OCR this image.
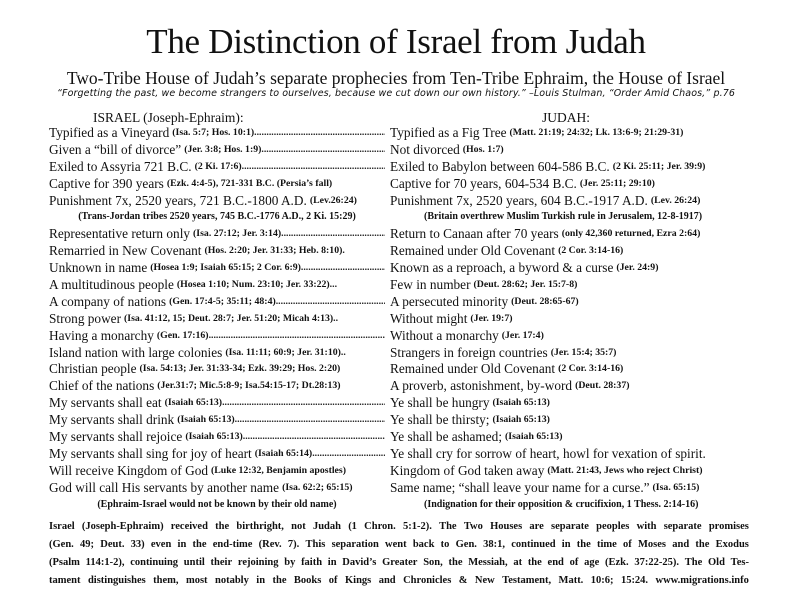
The Distinction of Israel from Judah
Two-Tribe House of Judah’s separate prophecies from Ten-Tribe Ephraim, the House of Israel
“Forgetting the past, we become strangers to ourselves, because we cut down our own history.” –Louis Stulman, “Order Amid Chaos,” p.76
ISRAEL (Joseph-Ephraim):	JUDAH:
Typified as a Vineyard (Isa. 5:7; Hos. 10:1)
.....
Given a “bill of divorce” (Jer. 3:8; Hos. 1:9)
.....
Exiled to Assyria 721 B.C. (2 Ki. 17:6)
.....
Captive for 390 years (Ezk. 4:4-5), 721-331 B.C. (Persia’s fall)
Punishment 7x, 2520 years, 721 B.C.-1800 A.D. (Lev.26:24)
(Trans-Jordan tribes 2520 years, 745 B.C.-1776 A.D., 2 Ki. 15:29)
Representative return only (Isa. 27:12; Jer. 3:14)
.....
Remarried in New Covenant (Hos. 2:20; Jer. 31:33; Heb. 8:10).
Unknown in name (Hosea 1:9; Isaiah 65:15; 2 Cor. 6:9)
.....
A multitudinous people (Hosea 1:10; Num. 23:10; Jer. 33:22)...
A company of nations (Gen. 17:4-5; 35:11; 48:4)
.....
Strong power (Isa. 41:12, 15; Deut. 28:7; Jer. 51:20; Micah 4:13)..
Having a monarchy (Gen. 17:16)
.....
Island nation with large colonies (Isa. 11:11; 60:9; Jer. 31:10)..
Christian people (Isa. 54:13; Jer. 31:33-34; Ezk. 39:29; Hos. 2:20)
Chief of the nations (Jer.31:7; Mic.5:8-9; Isa.54:15-17; Dt.28:13)
My servants shall eat (Isaiah 65:13)
.....
My servants shall drink (Isaiah 65:13)
.....
My servants shall rejoice (Isaiah 65:13)
.....
My servants shall sing for joy of heart (Isaiah 65:14)
.....
Will receive Kingdom of God (Luke 12:32, Benjamin apostles)
God will call His servants by another name (Isa. 62:2; 65:15)
(Ephraim-Israel would not be known by their old name)
Typified as a Fig Tree (Matt. 21:19; 24:32; Lk. 13:6-9; 21:29-31)
Not divorced (Hos. 1:7)
Exiled to Babylon between 604-586 B.C. (2 Ki. 25:11; Jer. 39:9)
Captive for 70 years, 604-534 B.C. (Jer. 25:11; 29:10)
Punishment 7x, 2520 years, 604 B.C.-1917 A.D. (Lev. 26:24)
(Britain overthrew Muslim Turkish rule in Jerusalem, 12-8-1917)
Return to Canaan after 70 years (only 42,360 returned, Ezra 2:64)
Remained under Old Covenant (2 Cor. 3:14-16)
Known as a reproach, a byword & a curse (Jer. 24:9)
Few in number (Deut. 28:62; Jer. 15:7-8)
A persecuted minority (Deut. 28:65-67)
Without might (Jer. 19:7)
Without a monarchy (Jer. 17:4)
Strangers in foreign countries (Jer. 15:4; 35:7)
Remained under Old Covenant (2 Cor. 3:14-16)
A proverb, astonishment, by-word (Deut. 28:37)
Ye shall be hungry (Isaiah 65:13)
Ye shall be thirsty; (Isaiah 65:13)
Ye shall be ashamed; (Isaiah 65:13)
Ye shall cry for sorrow of heart, howl for vexation of spirit.
Kingdom of God taken away (Matt. 21:43, Jews who reject Christ)
Same name; “shall leave your name for a curse.” (Isa. 65:15)
(Indignation for their opposition & crucifixion, 1 Thess. 2:14-16)
Israel (Joseph-Ephraim) received the birthright, not Judah (1 Chron. 5:1-2). The Two Houses are separate peoples with separate promises
(Gen. 49; Deut. 33) even in the end-time (Rev. 7). This separation went back to Gen. 38:1, continued in the time of Moses and the Exodus
(Psalm 114:1-2), continuing until their rejoining by faith in David’s Greater Son, the Messiah, at the end of age (Ezk. 37:22-25). The Old Tes-
tament distinguishes them, most notably in the Books of Kings and Chronicles & New Testament, Matt. 10:6; 15:24. www.migrations.info
